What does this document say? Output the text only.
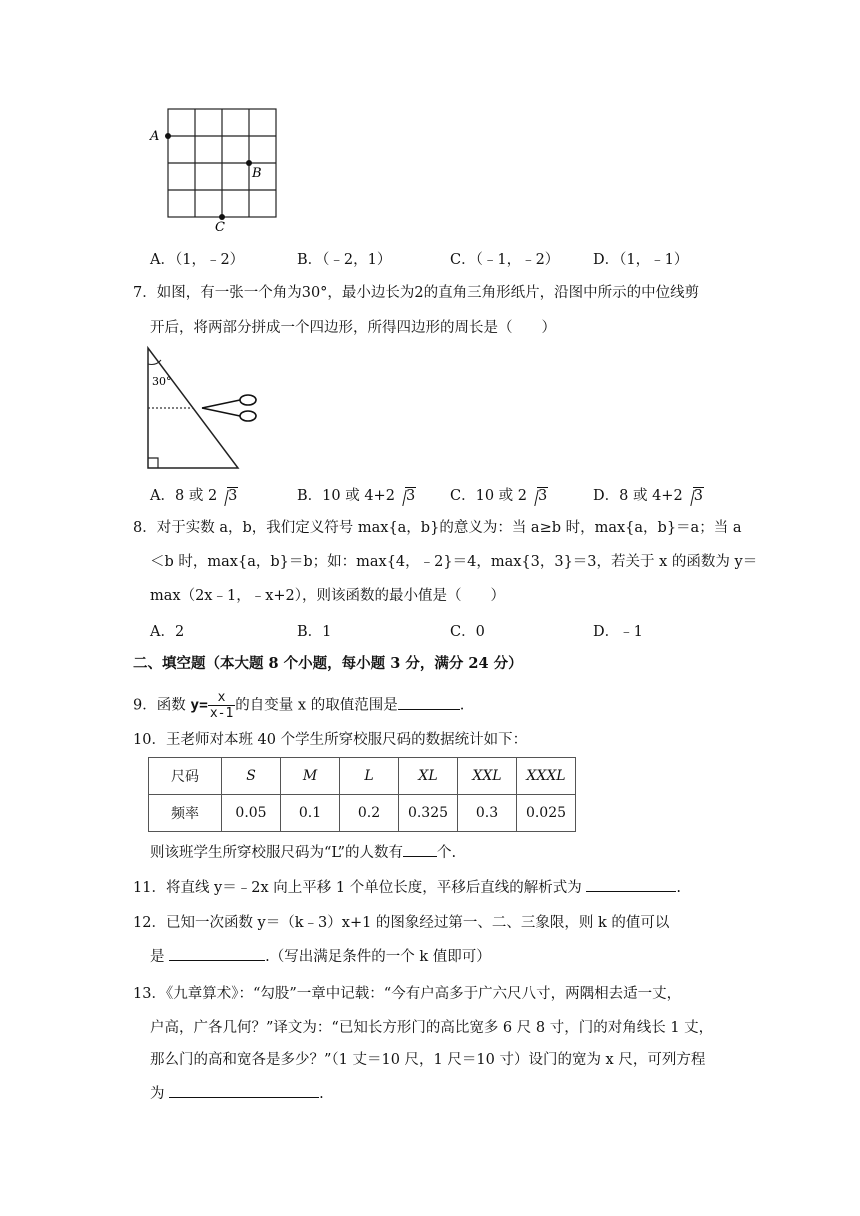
A
B
C
A．（1，﹣2）	B．（﹣2，1）	C．（﹣1，﹣2） D．（1，﹣1）
7．如图，有一张一个角为30°，最小边长为2的直角三角形纸片，沿图中所示的中位线剪
开后，将两部分拼成一个四边形，所得四边形的周长是（　　）
30°
A．8 或 2 3	B．10 或 4+2 3 C．10 或 2 3	D．8 或 4+2 3
8．对于实数 a，b，我们定义符号 max{a，b}的意义为：当 a≥b 时，max{a，b}＝a；当 a
＜b 时，max{a，b}＝b；如：max{4，﹣2}＝4，max{3，3}＝3，若关于 x 的函数为 y＝
max（2x﹣1，﹣x+2），则该函数的最小值是（　　）
A．2	B．1	C．0	D．﹣1
二、填空题（本大题 8 个小题，每小题 3 分，满分 24 分）
9．函数 $y= \frac{x}{x-1}$ 的自变量 x 的取值范围是	.
10．王老师对本班 40 个学生所穿校服尺码的数据统计如下：
尺码	S	M	L	XL	XXL	XXXL
频率	0.05	0.1	0.2	0.325	0.3	0.025
则该班学生所穿校服尺码为“L”的人数有 个.
11．将直线 y＝﹣2x 向上平移 1 个单位长度，平移后直线的解析式为	.
12．已知一次函数 y＝（k﹣3）x+1 的图象经过第一、二、三象限，则 k 的值可以
是	.（写出满足条件的一个 k 值即可）
13．《九章算术》：“勾股”一章中记载：“今有户高多于广六尺八寸，两隅相去适一丈，
户高，广各几何？”译文为：“已知长方形门的高比宽多 6 尺 8 寸，门的对角线长 1 丈，
那么门的高和宽各是多少？”（1 丈＝10 尺，1 尺＝10 寸）设门的宽为 x 尺，可列方程
为	.
